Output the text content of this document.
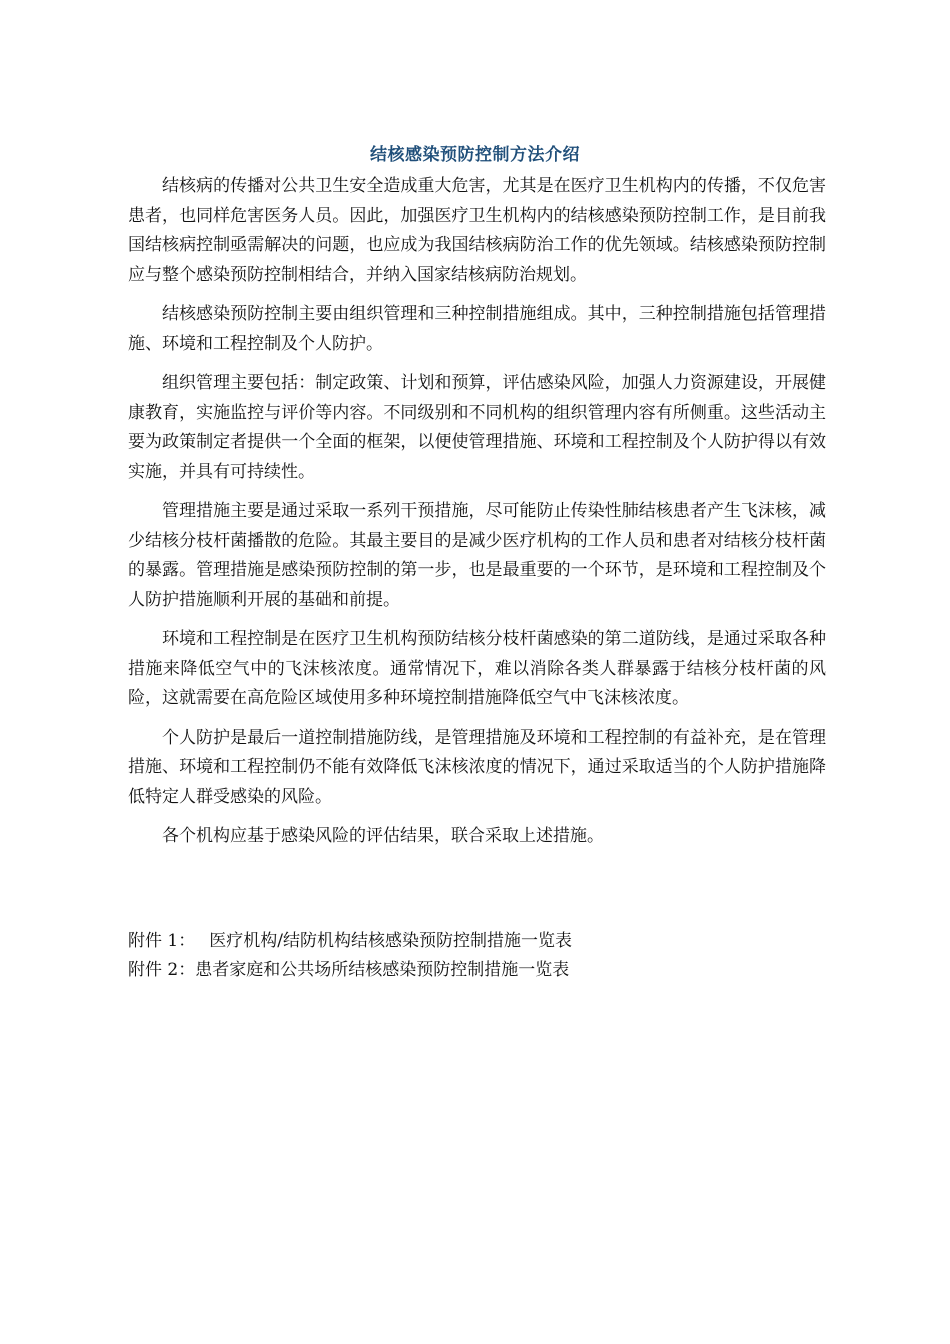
结核感染预防控制方法介绍

结核病的传播对公共卫生安全造成重大危害，尤其是在医疗卫生机构内的传播，不仅危害患者，也同样危害医务人员。因此，加强医疗卫生机构内的结核感染预防控制工作，是目前我国结核病控制亟需解决的问题，也应成为我国结核病防治工作的优先领域。结核感染预防控制应与整个感染预防控制相结合，并纳入国家结核病防治规划。

结核感染预防控制主要由组织管理和三种控制措施组成。其中，三种控制措施包括管理措施、环境和工程控制及个人防护。

组织管理主要包括：制定政策、计划和预算，评估感染风险，加强人力资源建设，开展健康教育，实施监控与评价等内容。不同级别和不同机构的组织管理内容有所侧重。这些活动主要为政策制定者提供一个全面的框架，以便使管理措施、环境和工程控制及个人防护得以有效实施，并具有可持续性。

管理措施主要是通过采取一系列干预措施，尽可能防止传染性肺结核患者产生飞沫核，减少结核分枝杆菌播散的危险。其最主要目的是减少医疗机构的工作人员和患者对结核分枝杆菌的暴露。管理措施是感染预防控制的第一步，也是最重要的一个环节，是环境和工程控制及个人防护措施顺利开展的基础和前提。

环境和工程控制是在医疗卫生机构预防结核分枝杆菌感染的第二道防线，是通过采取各种措施来降低空气中的飞沫核浓度。通常情况下，难以消除各类人群暴露于结核分枝杆菌的风险，这就需要在高危险区域使用多种环境控制措施降低空气中飞沫核浓度。

个人防护是最后一道控制措施防线，是管理措施及环境和工程控制的有益补充，是在管理措施、环境和工程控制仍不能有效降低飞沫核浓度的情况下，通过采取适当的个人防护措施降低特定人群受感染的风险。

各个机构应基于感染风险的评估结果，联合采取上述措施。

附件 1： 医疗机构/结防机构结核感染预防控制措施一览表
附件 2：患者家庭和公共场所结核感染预防控制措施一览表
